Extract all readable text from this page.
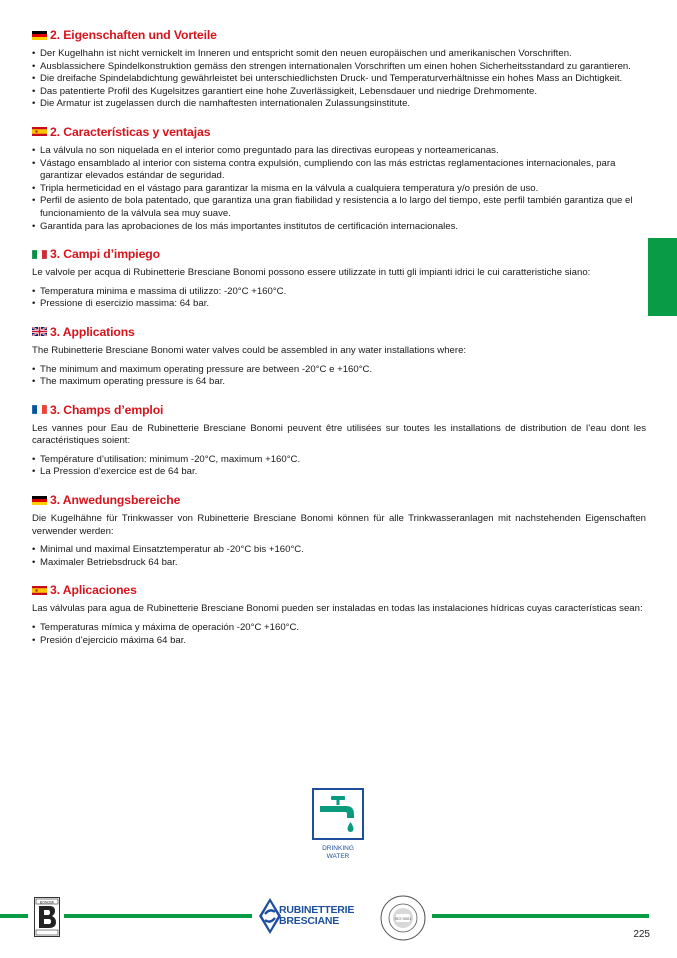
2. Eigenschaften und Vorteile
• Der Kugelhahn ist nicht vernickelt im Inneren und entspricht somit den neuen europäischen und amerikanischen Vorschriften.
• Ausblassichere Spindelkonstruktion gemäss den strengen internationalen Vorschriften um einen hohen Sicherheitsstandard zu garantieren.
• Die dreifache Spindelabdichtung gewährleistet bei unterschiedlichsten Druck- und Temperaturverhältnisse ein hohes Mass an Dichtigkeit.
• Das patentierte Profil des Kugelsitzes garantiert eine hohe Zuverlässigkeit, Lebensdauer und niedrige Drehmomente.
• Die Armatur ist zugelassen durch die namhaftesten internationalen Zulassungsinstitute.
2. Características y ventajas
• La válvula no son niquelada en el interior como preguntado para las directivas europeas y norteamericanas.
• Vástago ensamblado al interior con sistema contra expulsión, cumpliendo con las más estrictas reglamentaciones internacionales, para garantizar elevados estándar de seguridad.
• Tripla hermeticidad en el vástago para garantizar la misma en la válvula a cualquiera temperatura y/o presión de uso.
• Perfil de asiento de bola patentado, que garantiza una gran fiabilidad y resistencia a lo largo del tiempo, este perfil también garantiza que el funcionamiento de la válvula sea muy suave.
• Garantida para las aprobaciones de los más importantes institutos de certificación internacionales.
3. Campi d’impiego

Le valvole per acqua di Rubinetterie Bresciane Bonomi possono essere utilizzate in tutti gli impianti idrici le cui caratteristiche siano:

• Temperatura minima e massima di utilizzo: -20°C +160°C.
• Pressione di esercizio massima: 64 bar.
3. Applications

The Rubinetterie Bresciane Bonomi water valves could be assembled in any water installations where:

• The minimum and maximum operating pressure are between -20°C e +160°C.
• The maximum operating pressure is 64 bar.
3. Champs d’emploi

Les vannes pour Eau de Rubinetterie Bresciane Bonomi peuvent être utilisées sur toutes les installations de distribution de l’eau dont les caractéristiques soient:

• Température d’utilisation: minimum -20°C, maximum +160°C.
• La Pression d’exercice est de 64 bar.
3. Anwedungsbereiche

Die Kugelhähne für Trinkwasser von Rubinetterie Bresciane Bonomi können für alle Trinkwasseranlagen mit nachstehenden Eigenschaften verwender werden:

• Minimal und maximal Einsatztemperatur ab -20°C bis +160°C.
• Maximaler Betriebsdruck 64 bar.
3. Aplicaciones

Las válvulas para agua de Rubinetterie Bresciane Bonomi pueden ser instaladas en todas las instalaciones hídricas cuyas características sean:

• Temperaturas mímica y máxima de operación -20°C +160°C.
• Presión d’ejercicio máxima 64 bar.
DRINKING
WATER
BONOMI
RUBINETTERIE
BRESCIANE	ISO 9001
225
